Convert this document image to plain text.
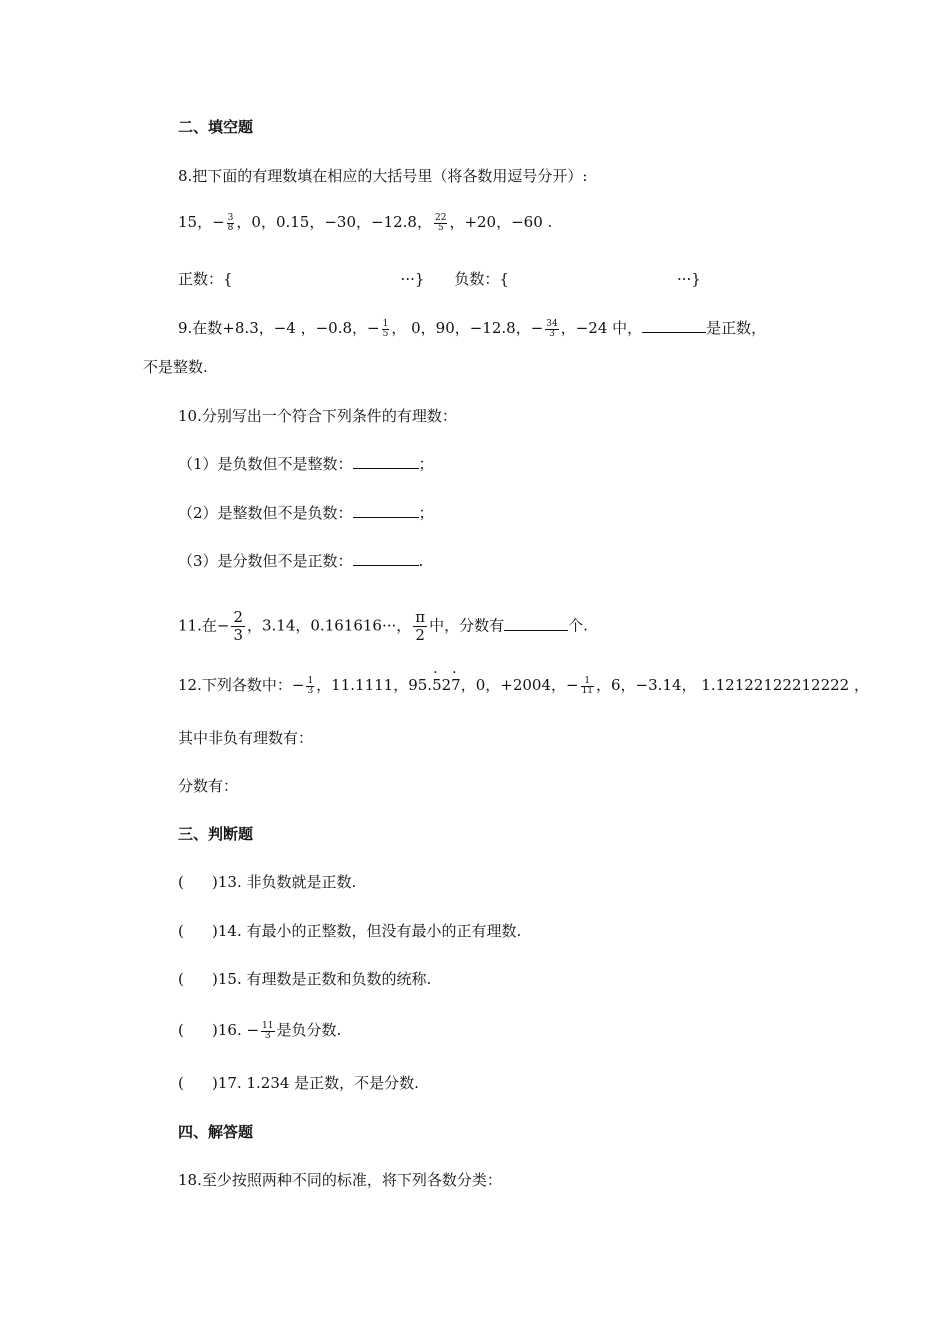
二、填空题
8.把下面的有理数填在相应的大括号里（将各数用逗号分开）:
15，− $\frac{3}{8}$ ，0，0.15，−30，−12.8， $\frac{22}{5}$ ，+20，−60 .
正数：{	···} 负数：{	···}
9.在数+8.3，−4 ，−0.8，− $\frac{1}{5}$ ， 0，90，−12.8，− $\frac{34}{3}$ ，−24 中，	是正数，
不是整数.
10.分别写出一个符合下列条件的有理数：
（1）是负数但不是整数：	；
（2）是整数但不是负数：	；
（3）是分数但不是正数：	.
11.在− $\frac{2}{3}$ ，3.14，0.161616···， $\frac{\pi}{2}$ 中，分数有	个.
12.下列各数中：− $\frac{1}{3}$ ，11.1111，95.· 52· 7，0，+2004，− $\frac{1}{11}$ ，6，−3.14， 1.12122122212222 ，
其中非负有理数有：
分数有：
三、判断题
( )13. 非负数就是正数.
( )14. 有最小的正整数，但没有最小的正有理数.
( )15. 有理数是正数和负数的统称.
( )16. − $\frac{11}{3}$ 是负分数.
( )17. 1.234 是正数，不是分数.
四、解答题
18.至少按照两种不同的标准，将下列各数分类：
